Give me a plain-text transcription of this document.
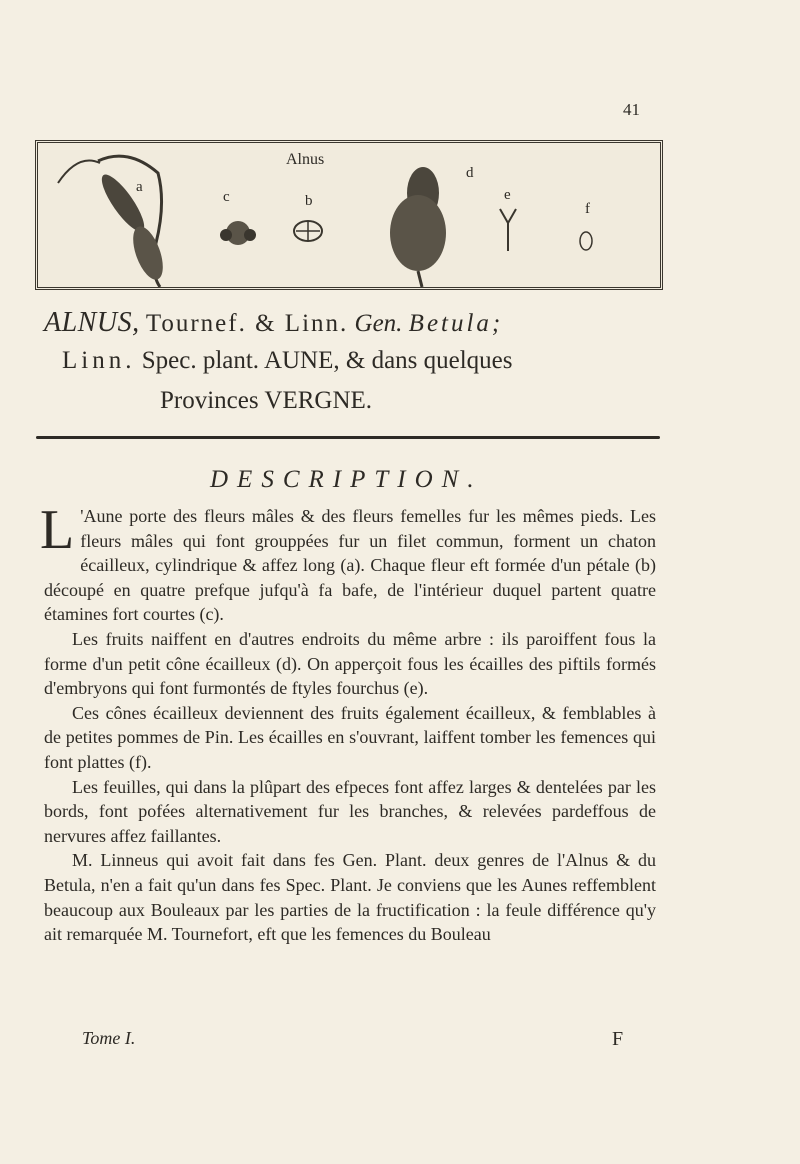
41
Alnus
a
c	b
d
e
f
ALNUS, Tournef. & Linn. Gen. Betula;
Linn. Spec. plant. AUNE, & dans quelques
Provinces VERGNE.
DESCRIPTION.

L 'Aune porte des fleurs mâles & des fleurs femelles fur les mêmes pieds. Les fleurs mâles qui font grouppées fur un filet commun, forment un chaton écailleux, cylindrique & affez long (a). Chaque fleur eft formée d'un pétale (b) découpé en quatre prefque jufqu'à fa bafe, de l'intérieur duquel partent quatre étamines fort courtes (c).

Les fruits naiffent en d'autres endroits du même arbre : ils paroiffent fous la forme d'un petit cône écailleux (d). On apperçoit fous les écailles des piftils formés d'embryons qui font furmontés de ftyles fourchus (e).

Ces cônes écailleux deviennent des fruits également écailleux, & femblables à de petites pommes de Pin. Les écailles en s'ouvrant, laiffent tomber les femences qui font plattes (f).

Les feuilles, qui dans la plûpart des efpeces font affez larges & dentelées par les bords, font pofées alternativement fur les branches, & relevées pardeffous de nervures affez faillantes.

M. Linneus qui avoit fait dans fes Gen. Plant. deux genres de l'Alnus & du Betula, n'en a fait qu'un dans fes Spec. Plant. Je conviens que les Aunes reffemblent beaucoup aux Bouleaux par les parties de la fructification : la feule différence qu'y ait remarquée M. Tournefort, eft que les femences du Bouleau

Tome I.	F
